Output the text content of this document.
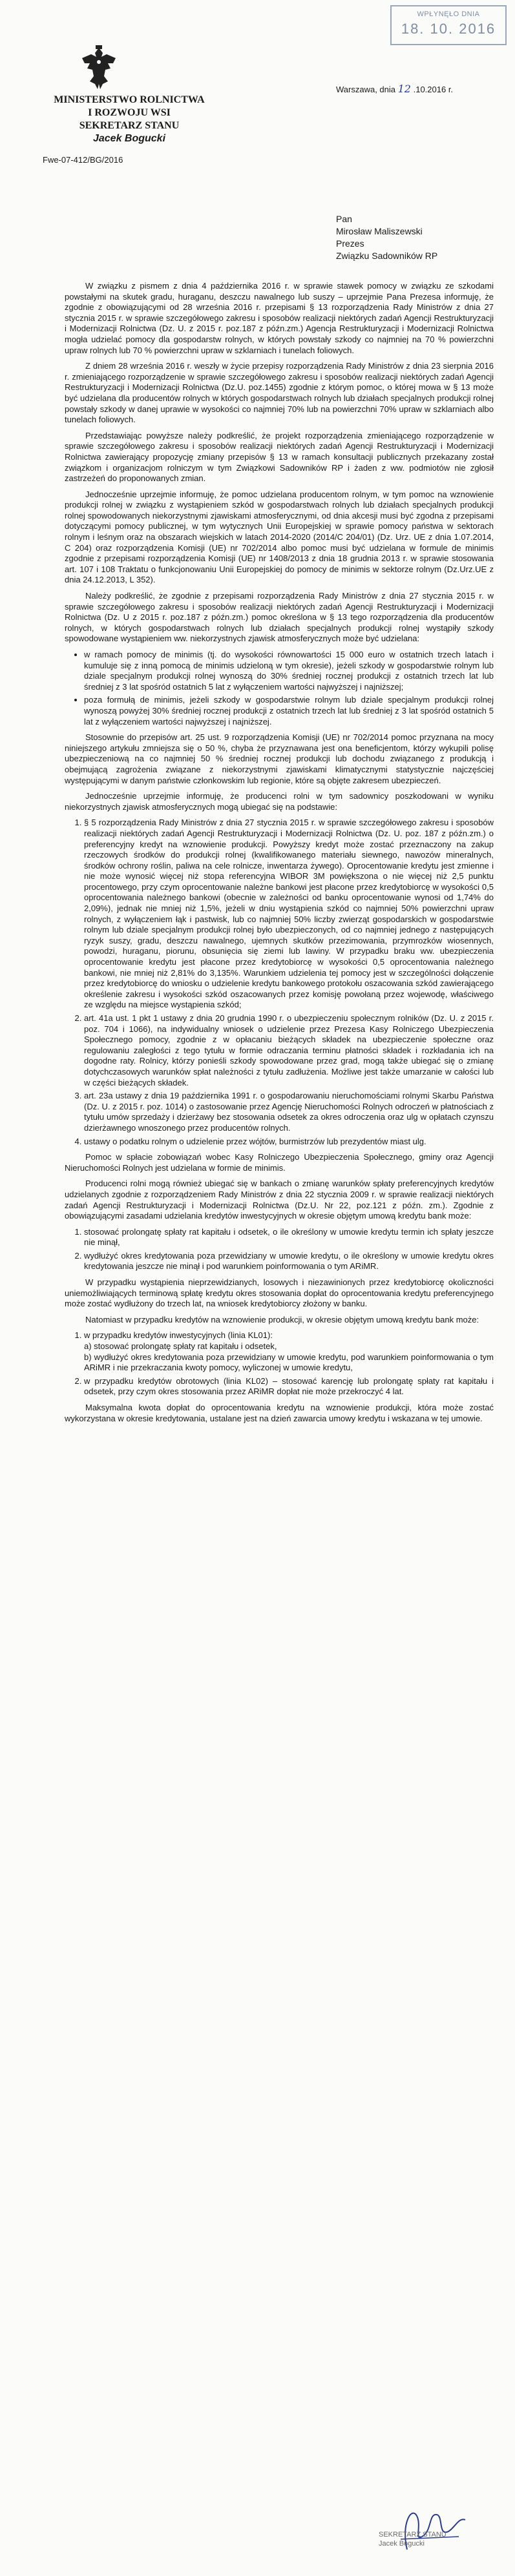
WPŁYNĘŁO DNIA
18. 10. 2016
MINISTERSTWO ROLNICTWA
I ROZWOJU WSI
SEKRETARZ STANU
Jacek Bogucki
Fwe-07-412/BG/2016
Warszawa, dnia 12 .10.2016 r.
Pan
Mirosław Maliszewski
Prezes
Związku Sadowników RP

W związku z pismem z dnia 4 października 2016 r. w sprawie stawek pomocy w związku ze szkodami powstałymi na skutek gradu, huraganu, deszczu nawalnego lub suszy – uprzejmie Pana Prezesa informuję, że zgodnie z obowiązującymi od 28 września 2016 r. przepisami § 13 rozporządzenia Rady Ministrów z dnia 27 stycznia 2015 r. w sprawie szczegółowego zakresu i sposobów realizacji niektórych zadań Agencji Restrukturyzacji i Modernizacji Rolnictwa (Dz. U. z 2015 r. poz.187 z późn.zm.) Agencja Restrukturyzacji i Modernizacji Rolnictwa mogła udzielać pomocy dla gospodarstw rolnych, w których powstały szkody co najmniej na 70 % powierzchni upraw rolnych lub 70 % powierzchni upraw w szklarniach i tunelach foliowych.

Z dniem 28 września 2016 r. weszły w życie przepisy rozporządzenia Rady Ministrów z dnia 23 sierpnia 2016 r. zmieniającego rozporządzenie w sprawie szczegółowego zakresu i sposobów realizacji niektórych zadań Agencji Restrukturyzacji i Modernizacji Rolnictwa (Dz.U. poz.1455) zgodnie z którym pomoc, o której mowa w § 13 może być udzielana dla producentów rolnych w których gospodarstwach rolnych lub działach specjalnych produkcji rolnej powstały szkody w danej uprawie w wysokości co najmniej 70% lub na powierzchni 70% upraw w szklarniach albo tunelach foliowych.

Przedstawiając powyższe należy podkreślić, że projekt rozporządzenia zmieniającego rozporządzenie w sprawie szczegółowego zakresu i sposobów realizacji niektórych zadań Agencji Restrukturyzacji i Modernizacji Rolnictwa zawierający propozycję zmiany przepisów § 13 w ramach konsultacji publicznych przekazany został związkom i organizacjom rolniczym w tym Związkowi Sadowników RP i żaden z ww. podmiotów nie zgłosił zastrzeżeń do proponowanych zmian.

Jednocześnie uprzejmie informuję, że pomoc udzielana producentom rolnym, w tym pomoc na wznowienie produkcji rolnej w związku z wystąpieniem szkód w gospodarstwach rolnych lub działach specjalnych produkcji rolnej spowodowanych niekorzystnymi zjawiskami atmosferycznymi, od dnia akcesji musi być zgodna z przepisami dotyczącymi pomocy publicznej, w tym wytycznych Unii Europejskiej w sprawie pomocy państwa w sektorach rolnym i leśnym oraz na obszarach wiejskich w latach 2014-2020 (2014/C 204/01) (Dz. Urz. UE z dnia 1.07.2014, C 204) oraz rozporządzenia Komisji (UE) nr 702/2014 albo pomoc musi być udzielana w formule de minimis zgodnie z przepisami rozporządzenia Komisji (UE) nr 1408/2013 z dnia 18 grudnia 2013 r. w sprawie stosowania art. 107 i 108 Traktatu o funkcjonowaniu Unii Europejskiej do pomocy de minimis w sektorze rolnym (Dz.Urz.UE z dnia 24.12.2013, L 352).

Należy podkreślić, że zgodnie z przepisami rozporządzenia Rady Ministrów z dnia 27 stycznia 2015 r. w sprawie szczegółowego zakresu i sposobów realizacji niektórych zadań Agencji Restrukturyzacji i Modernizacji Rolnictwa (Dz. U z 2015 r. poz.187 z późn.zm.) pomoc określona w § 13 tego rozporządzenia dla producentów rolnych, w których gospodarstwach rolnych lub działach specjalnych produkcji rolnej wystąpiły szkody spowodowane wystąpieniem ww. niekorzystnych zjawisk atmosferycznych może być udzielana:

• w ramach pomocy de minimis (tj. do wysokości równowartości 15 000 euro w ostatnich trzech latach i kumuluje się z inną pomocą de minimis udzieloną w tym okresie), jeżeli szkody w gospodarstwie rolnym lub dziale specjalnym produkcji rolnej wynoszą do 30% średniej rocznej produkcji z ostatnich trzech lat lub średniej z 3 lat spośród ostatnich 5 lat z wyłączeniem wartości najwyższej i najniższej;
• poza formułą de minimis, jeżeli szkody w gospodarstwie rolnym lub dziale specjalnym produkcji rolnej wynoszą powyżej 30% średniej rocznej produkcji z ostatnich trzech lat lub średniej z 3 lat spośród ostatnich 5 lat z wyłączeniem wartości najwyższej i najniższej.

Stosownie do przepisów art. 25 ust. 9 rozporządzenia Komisji (UE) nr 702/2014 pomoc przyznana na mocy niniejszego artykułu zmniejsza się o 50 %, chyba że przyznawana jest ona beneficjentom, którzy wykupili polisę ubezpieczeniową na co najmniej 50 % średniej rocznej produkcji lub dochodu związanego z produkcją i obejmującą zagrożenia związane z niekorzystnymi zjawiskami klimatycznymi statystycznie najczęściej występującymi w danym państwie członkowskim lub regionie, które są objęte zakresem ubezpieczeń.

Jednocześnie uprzejmie informuję, że producenci rolni w tym sadownicy poszkodowani w wyniku niekorzystnych zjawisk atmosferycznych mogą ubiegać się na podstawie:

1. § 5 rozporządzenia Rady Ministrów z dnia 27 stycznia 2015 r. w sprawie szczegółowego zakresu i sposobów realizacji niektórych zadań Agencji Restrukturyzacji i Modernizacji Rolnictwa (Dz. U. poz. 187 z późn.zm.) o preferencyjny kredyt na wznowienie produkcji. Powyższy kredyt może zostać przeznaczony na zakup rzeczowych środków do produkcji rolnej (kwalifikowanego materiału siewnego, nawozów mineralnych, środków ochrony roślin, paliwa na cele rolnicze, inwentarza żywego). Oprocentowanie kredytu jest zmienne i nie może wynosić więcej niż stopa referencyjna WIBOR 3M powiększona o nie więcej niż 2,5 punktu procentowego, przy czym oprocentowanie należne bankowi jest płacone przez kredytobiorcę w wysokości 0,5 oprocentowania należnego bankowi (obecnie w zależności od banku oprocentowanie wynosi od 1,74% do 2,09%), jednak nie mniej niż 1,5%, jeżeli w dniu wystąpienia szkód co najmniej 50% powierzchni upraw rolnych, z wyłączeniem łąk i pastwisk, lub co najmniej 50% liczby zwierząt gospodarskich w gospodarstwie rolnym lub dziale specjalnym produkcji rolnej było ubezpieczonych, od co najmniej jednego z następujących ryzyk suszy, gradu, deszczu nawalnego, ujemnych skutków przezimowania, przymrozków wiosennych, powodzi, huraganu, piorunu, obsunięcia się ziemi lub lawiny. W przypadku braku ww. ubezpieczenia oprocentowanie kredytu jest płacone przez kredytobiorcę w wysokości 0,5 oprocentowania należnego bankowi, nie mniej niż 2,81% do 3,135%. Warunkiem udzielenia tej pomocy jest w szczególności dołączenie przez kredytobiorcę do wniosku o udzielenie kredytu bankowego protokołu oszacowania szkód zawierającego określenie zakresu i wysokości szkód oszacowanych przez komisję powołaną przez wojewodę, właściwego ze względu na miejsce wystąpienia szkód;
2. art. 41a ust. 1 pkt 1 ustawy z dnia 20 grudnia 1990 r. o ubezpieczeniu społecznym rolników (Dz. U. z 2015 r. poz. 704 i 1066), na indywidualny wniosek o udzielenie przez Prezesa Kasy Rolniczego Ubezpieczenia Społecznego pomocy, zgodnie z w opłacaniu bieżących składek na ubezpieczenie społeczne oraz regulowaniu zaległości z tego tytułu w formie odraczania terminu płatności składek i rozkładania ich na dogodne raty. Rolnicy, którzy ponieśli szkody spowodowane przez grad, mogą także ubiegać się o zmianę dotychczasowych warunków spłat należności z tytułu zadłużenia. Możliwe jest także umarzanie w całości lub w części bieżących składek.
3. art. 23a ustawy z dnia 19 października 1991 r. o gospodarowaniu nieruchomościami rolnymi Skarbu Państwa (Dz. U. z 2015 r. poz. 1014) o zastosowanie przez Agencję Nieruchomości Rolnych odroczeń w płatnościach z tytułu umów sprzedaży i dzierżawy bez stosowania odsetek za okres odroczenia oraz ulg w opłatach czynszu dzierżawnego wnoszonego przez producentów rolnych.
4. ustawy o podatku rolnym o udzielenie przez wójtów, burmistrzów lub prezydentów miast ulg.

Pomoc w spłacie zobowiązań wobec Kasy Rolniczego Ubezpieczenia Społecznego, gminy oraz Agencji Nieruchomości Rolnych jest udzielana w formie de minimis.

Producenci rolni mogą również ubiegać się w bankach o zmianę warunków spłaty preferencyjnych kredytów udzielanych zgodnie z rozporządzeniem Rady Ministrów z dnia 22 stycznia 2009 r. w sprawie realizacji niektórych zadań Agencji Restrukturyzacji i Modernizacji Rolnictwa (Dz.U. Nr 22, poz.121 z późn. zm.). Zgodnie z obowiązującymi zasadami udzielania kredytów inwestycyjnych w okresie objętym umową kredytu bank może:

1. stosować prolongatę spłaty rat kapitału i odsetek, o ile określony w umowie kredytu termin ich spłaty jeszcze nie minął,
2. wydłużyć okres kredytowania poza przewidziany w umowie kredytu, o ile określony w umowie kredytu okres kredytowania jeszcze nie minął i pod warunkiem poinformowania o tym ARiMR.

W przypadku wystąpienia nieprzewidzianych, losowych i niezawinionych przez kredytobiorcę okoliczności uniemożliwiających terminową spłatę kredytu okres stosowania dopłat do oprocentowania kredytu preferencyjnego może zostać wydłużony do trzech lat, na wniosek kredytobiorcy złożony w banku.

Natomiast w przypadku kredytów na wznowienie produkcji, w okresie objętym umową kredytu bank może:

1. w przypadku kredytów inwestycyjnych (linia KL01):
a) stosować prolongatę spłaty rat kapitału i odsetek,
b) wydłużyć okres kredytowania poza przewidziany w umowie kredytu, pod warunkiem poinformowania o tym ARiMR i nie przekraczania kwoty pomocy, wyliczonej w umowie kredytu,
2. w przypadku kredytów obrotowych (linia KL02) – stosować karencję lub prolongatę spłaty rat kapitału i odsetek, przy czym okres stosowania przez ARiMR dopłat nie może przekroczyć 4 lat.

Maksymalna kwota dopłat do oprocentowania kredytu na wznowienie produkcji, która może zostać wykorzystana w okresie kredytowania, ustalane jest na dzień zawarcia umowy kredytu i wskazana w tej umowie.

SEKRETARZ STANU
Jacek Bogucki
